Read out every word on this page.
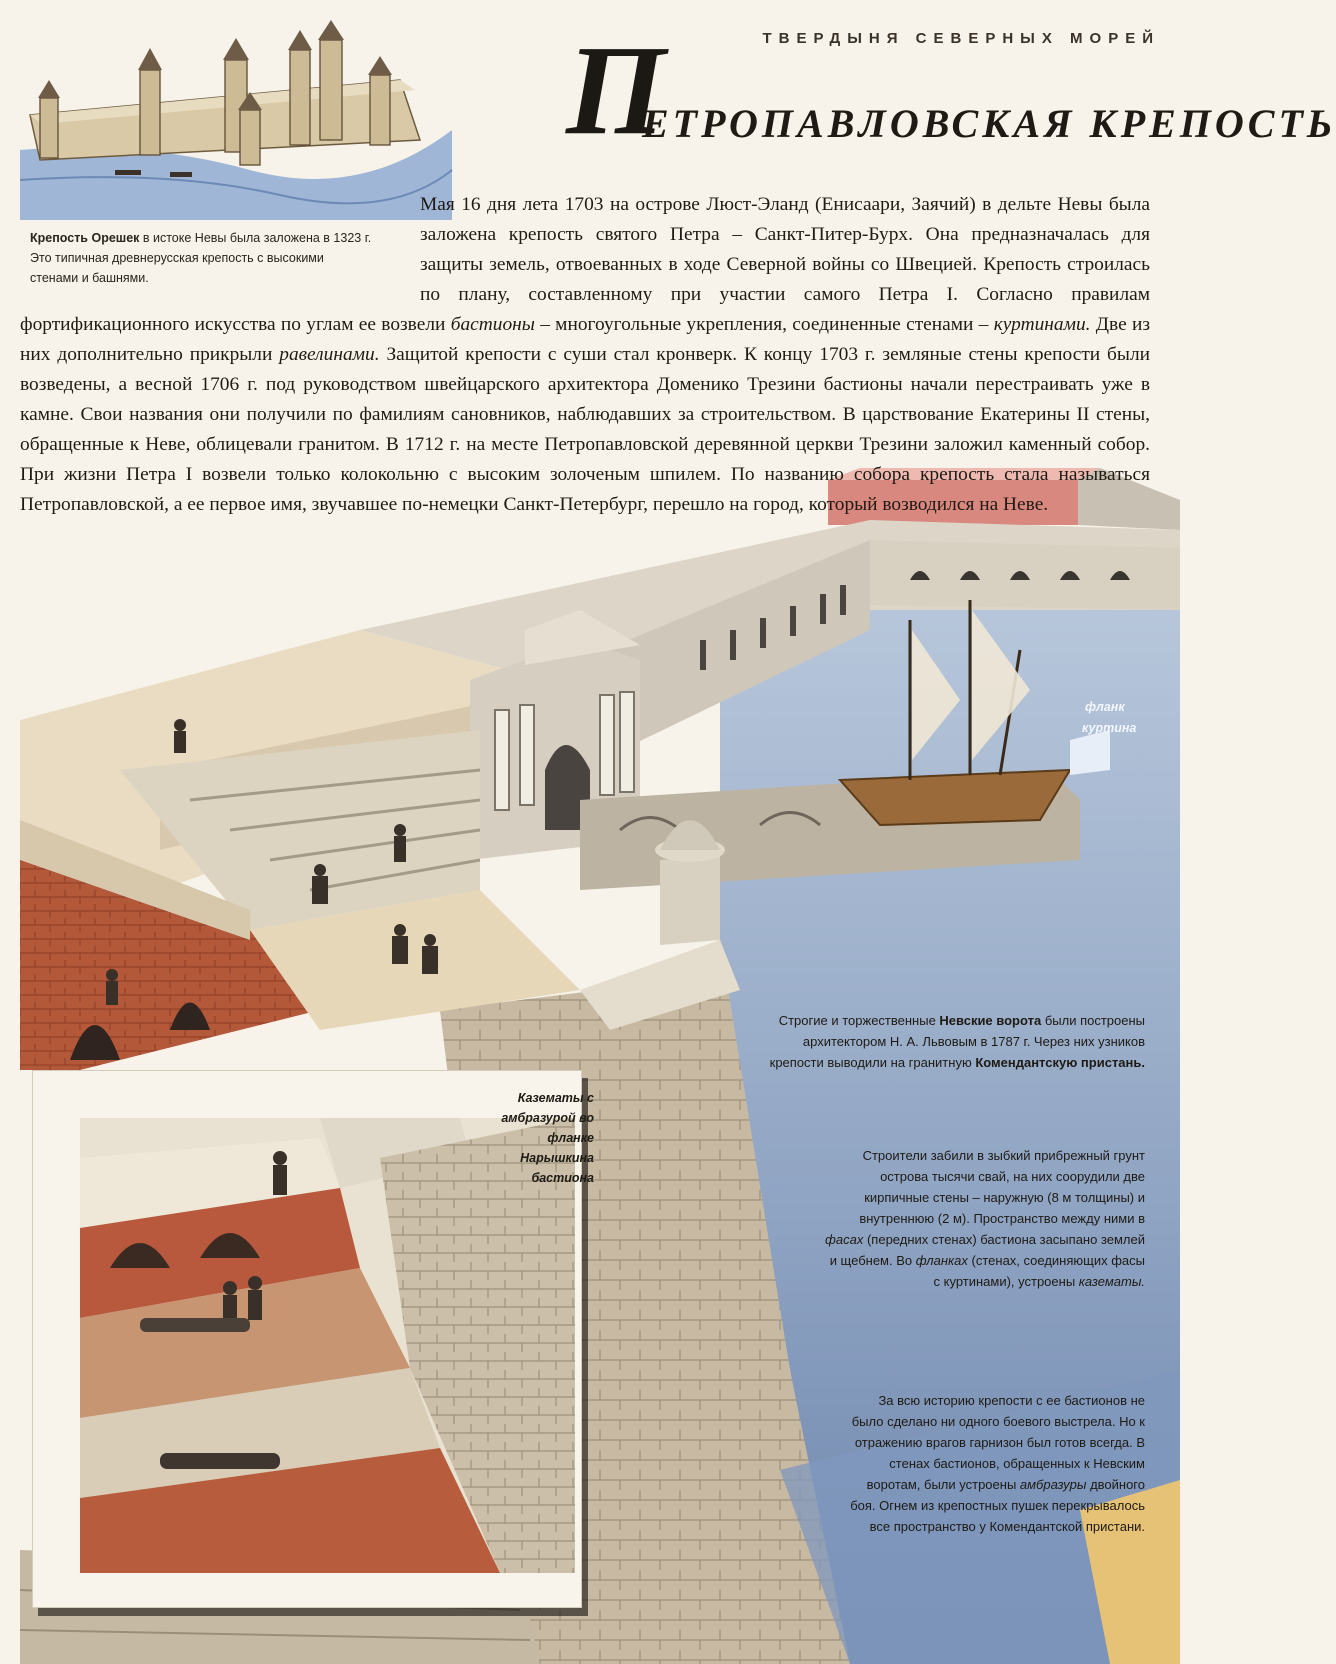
ТВЕРДЫНЯ СЕВЕРНЫХ МОРЕЙ
П
ЕТРОПАВЛОВСКАЯ КРЕПОСТЬ
Крепость Орешек в истоке Невы была заложена в 1323 г. Это типичная древнерусская крепость с высокими стенами и башнями.

Мая 16 дня лета 1703 на острове Люст-Эланд (Енисаари, Заячий) в дельте Невы была заложена крепость святого Петра – Санкт-Питер-Бурх. Она предназначалась для защиты земель, отвоеванных в ходе Северной войны со Швецией. Крепость строилась по плану, составленному при участии самого Петра I. Согласно правилам фортификационного искусства по углам ее возвели бастионы – многоугольные укрепления, соединенные стенами – куртинами. Две из них дополнительно прикрыли равелинами. Защитой крепости с суши стал кронверк. К концу 1703 г. земляные стены крепости были возведены, а весной 1706 г. под руководством швейцарского архитектора Доменико Трезини бастионы начали перестраивать уже в камне. Свои названия они получили по фамилиям сановников, наблюдавших за строительством. В царствование Екатерины II стены, обращенные к Неве, облицевали гранитом. В 1712 г. на месте Петропавловской деревянной церкви Трезини заложил каменный собор. При жизни Петра I возвели только колокольню с высоким золоченым шпилем. По названию собора крепость стала называться Петропавловской, а ее первое имя, звучавшее по-немецки Санкт-Петербург, перешло на город, который возводился на Неве.

фланк
куртина
Строгие и торжественные Невские ворота были построены архитектором Н. А. Львовым в 1787 г. Через них узников крепости выводили на гранитную Комендантскую пристань.
Строители забили в зыбкий прибрежный грунт острова тысячи свай, на них соорудили две кирпичные стены – наружную (8 м толщины) и внутреннюю (2 м). Пространство между ними в фасах (передних стенах) бастиона засыпано землей и щебнем. Во фланках (стенах, соединяющих фасы с куртинами), устроены казематы.
За всю историю крепости с ее бастионов не было сделано ни одного боевого выстрела. Но к отражению врагов гарнизон был готов всегда. В стенах бастионов, обращенных к Невским воротам, были устроены амбразуры двойного боя. Огнем из крепостных пушек перекрывалось все пространство у Комендантской пристани.
Казематы с амбразурой во фланке Нарышкина бастиона
